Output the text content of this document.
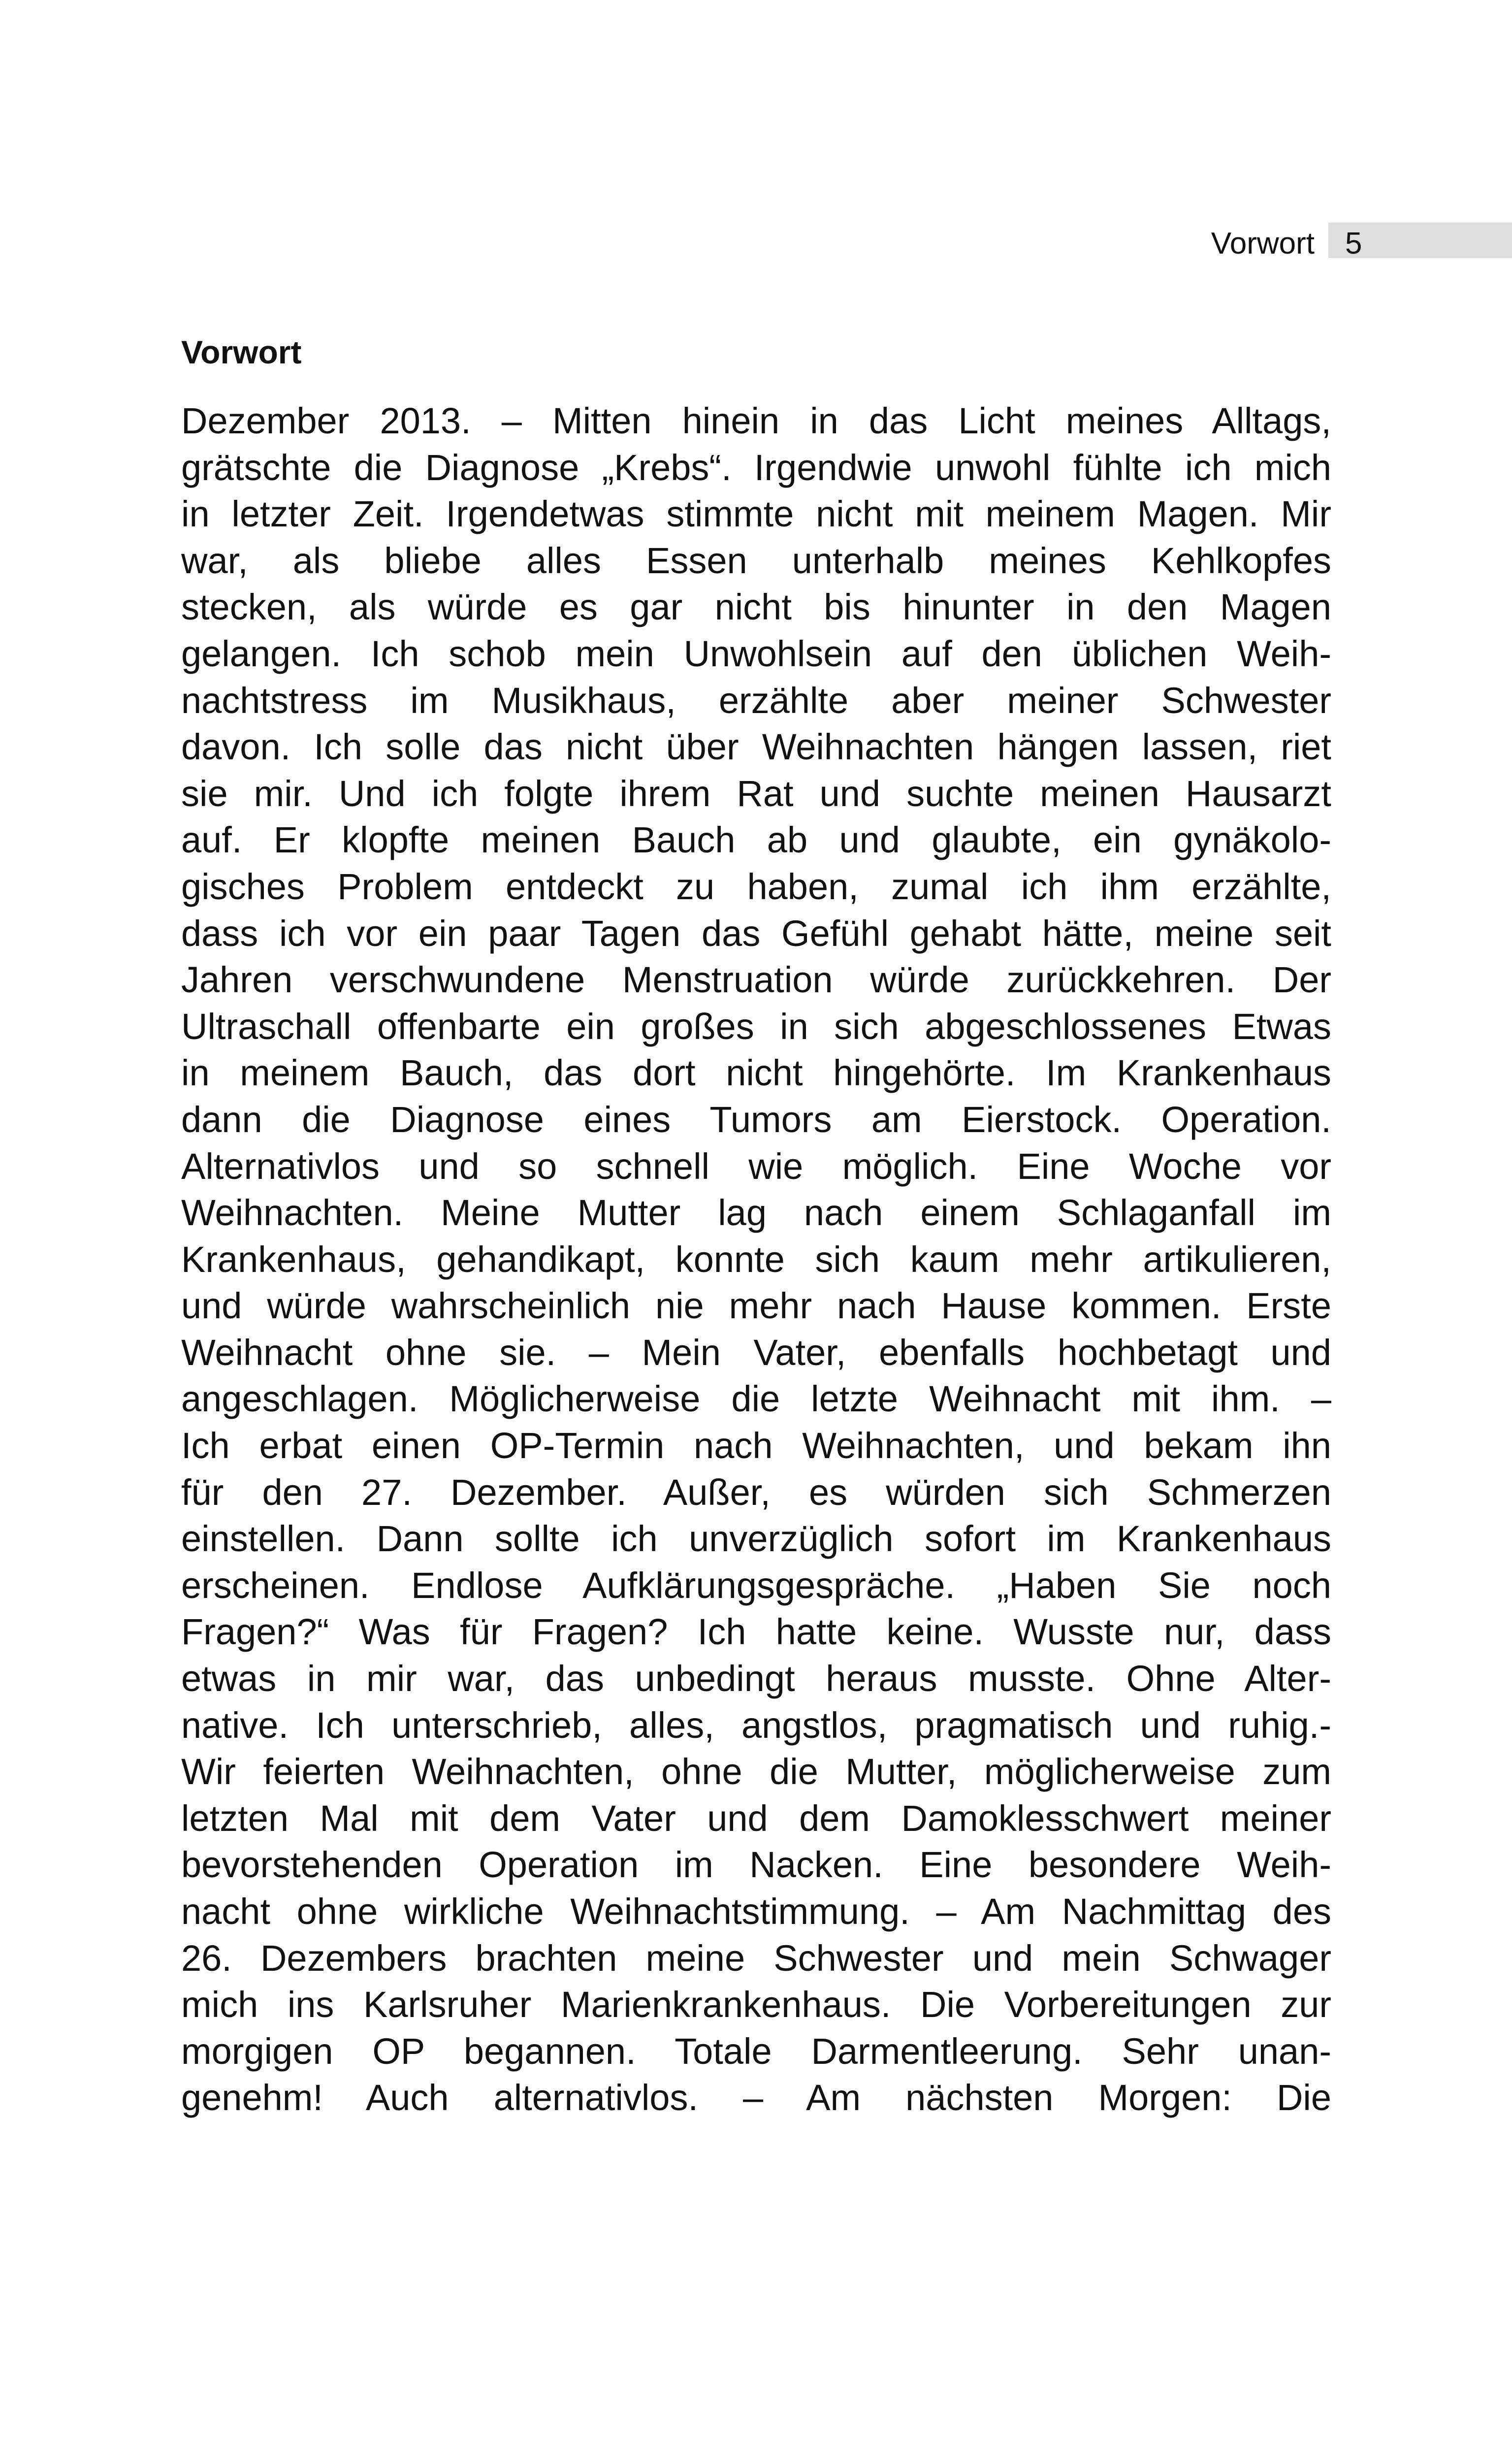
Vorwort 5
Vorwort
Dezember 2013. – Mitten hinein in das Licht meines Alltags,
grätschte die Diagnose „Krebs“. Irgendwie unwohl fühlte ich mich
in letzter Zeit. Irgendetwas stimmte nicht mit meinem Magen. Mir
war, als bliebe alles Essen unterhalb meines Kehlkopfes
stecken, als würde es gar nicht bis hinunter in den Magen
gelangen. Ich schob mein Unwohlsein auf den üblichen Weih-
nachtstress im Musikhaus, erzählte aber meiner Schwester
davon. Ich solle das nicht über Weihnachten hängen lassen, riet
sie mir. Und ich folgte ihrem Rat und suchte meinen Hausarzt
auf. Er klopfte meinen Bauch ab und glaubte, ein gynäkolo-
gisches Problem entdeckt zu haben, zumal ich ihm erzählte,
dass ich vor ein paar Tagen das Gefühl gehabt hätte, meine seit
Jahren verschwundene Menstruation würde zurückkehren. Der
Ultraschall offenbarte ein großes in sich abgeschlossenes Etwas
in meinem Bauch, das dort nicht hingehörte. Im Krankenhaus
dann die Diagnose eines Tumors am Eierstock. Operation.
Alternativlos und so schnell wie möglich. Eine Woche vor
Weihnachten. Meine Mutter lag nach einem Schlaganfall im
Krankenhaus, gehandikapt, konnte sich kaum mehr artikulieren,
und würde wahrscheinlich nie mehr nach Hause kommen. Erste
Weihnacht ohne sie. – Mein Vater, ebenfalls hochbetagt und
angeschlagen. Möglicherweise die letzte Weihnacht mit ihm. –
Ich erbat einen OP-Termin nach Weihnachten, und bekam ihn
für den 27. Dezember. Außer, es würden sich Schmerzen
einstellen. Dann sollte ich unverzüglich sofort im Krankenhaus
erscheinen. Endlose Aufklärungsgespräche. „Haben Sie noch
Fragen?“ Was für Fragen? Ich hatte keine. Wusste nur, dass
etwas in mir war, das unbedingt heraus musste. Ohne Alter-
native. Ich unterschrieb, alles, angstlos, pragmatisch und ruhig.-
Wir feierten Weihnachten, ohne die Mutter, möglicherweise zum
letzten Mal mit dem Vater und dem Damoklesschwert meiner
bevorstehenden Operation im Nacken. Eine besondere Weih-
nacht ohne wirkliche Weihnachtstimmung. – Am Nachmittag des
26. Dezembers brachten meine Schwester und mein Schwager
mich ins Karlsruher Marienkrankenhaus. Die Vorbereitungen zur
morgigen OP begannen. Totale Darmentleerung. Sehr unan-
genehm! Auch alternativlos. – Am nächsten Morgen: Die
